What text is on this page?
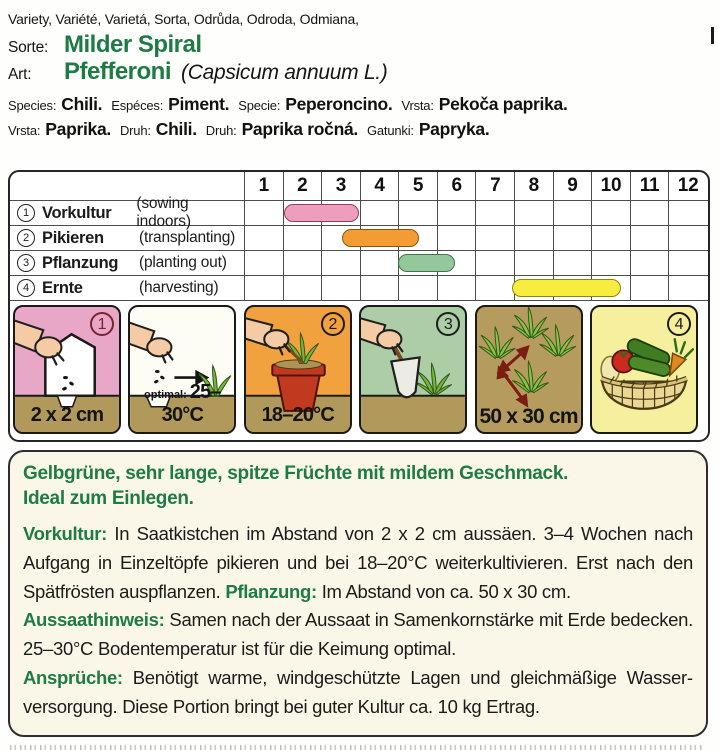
Variety, Variété, Varietá, Sorta, Odrůda, Odroda, Odmiana,
Sorte: Milder Spiral
Art:	Pfefferoni (Capsicum annuum L.)
Species: Chili. Espéces: Piment. Specie: Peperoncino. Vrsta: Pekoča paprika.
Vrsta: Paprika. Druh: Chili. Druh: Paprika ročná. Gatunki: Papryka.
1	2	3	4	5	6	7	8	9	10 11 12
1 Vorkultur	(sowing indoors)
2 Pikieren	(transplanting)
3 Pflanzung	(planting out)
4 Ernte	(harvesting)
1
2 x 2 cm
optimal: 25–30°C
2
18–20°C
3
50 x 30 cm
4
Gelbgrüne, sehr lange, spitze Früchte mit mildem Geschmack.
Ideal zum Einlegen.

Vorkultur: In Saatkistchen im Abstand von 2 x 2 cm aussäen. 3–4 Wochen nach Aufgang in Einzeltöpfe pikieren und bei 18–20°C weiterkultivieren. Erst nach den Spätfrösten auspflanzen. Pflanzung: Im Abstand von ca. 50 x 30 cm.

Aussaathinweis: Samen nach der Aussaat in Samenkornstärke mit Erde bedecken. 25–30°C Bodentemperatur ist für die Keimung optimal.

Ansprüche: Benötigt warme, windgeschützte Lagen und gleichmäßige Wasserversorgung. Diese Portion bringt bei guter Kultur ca. 10 kg Ertrag.
